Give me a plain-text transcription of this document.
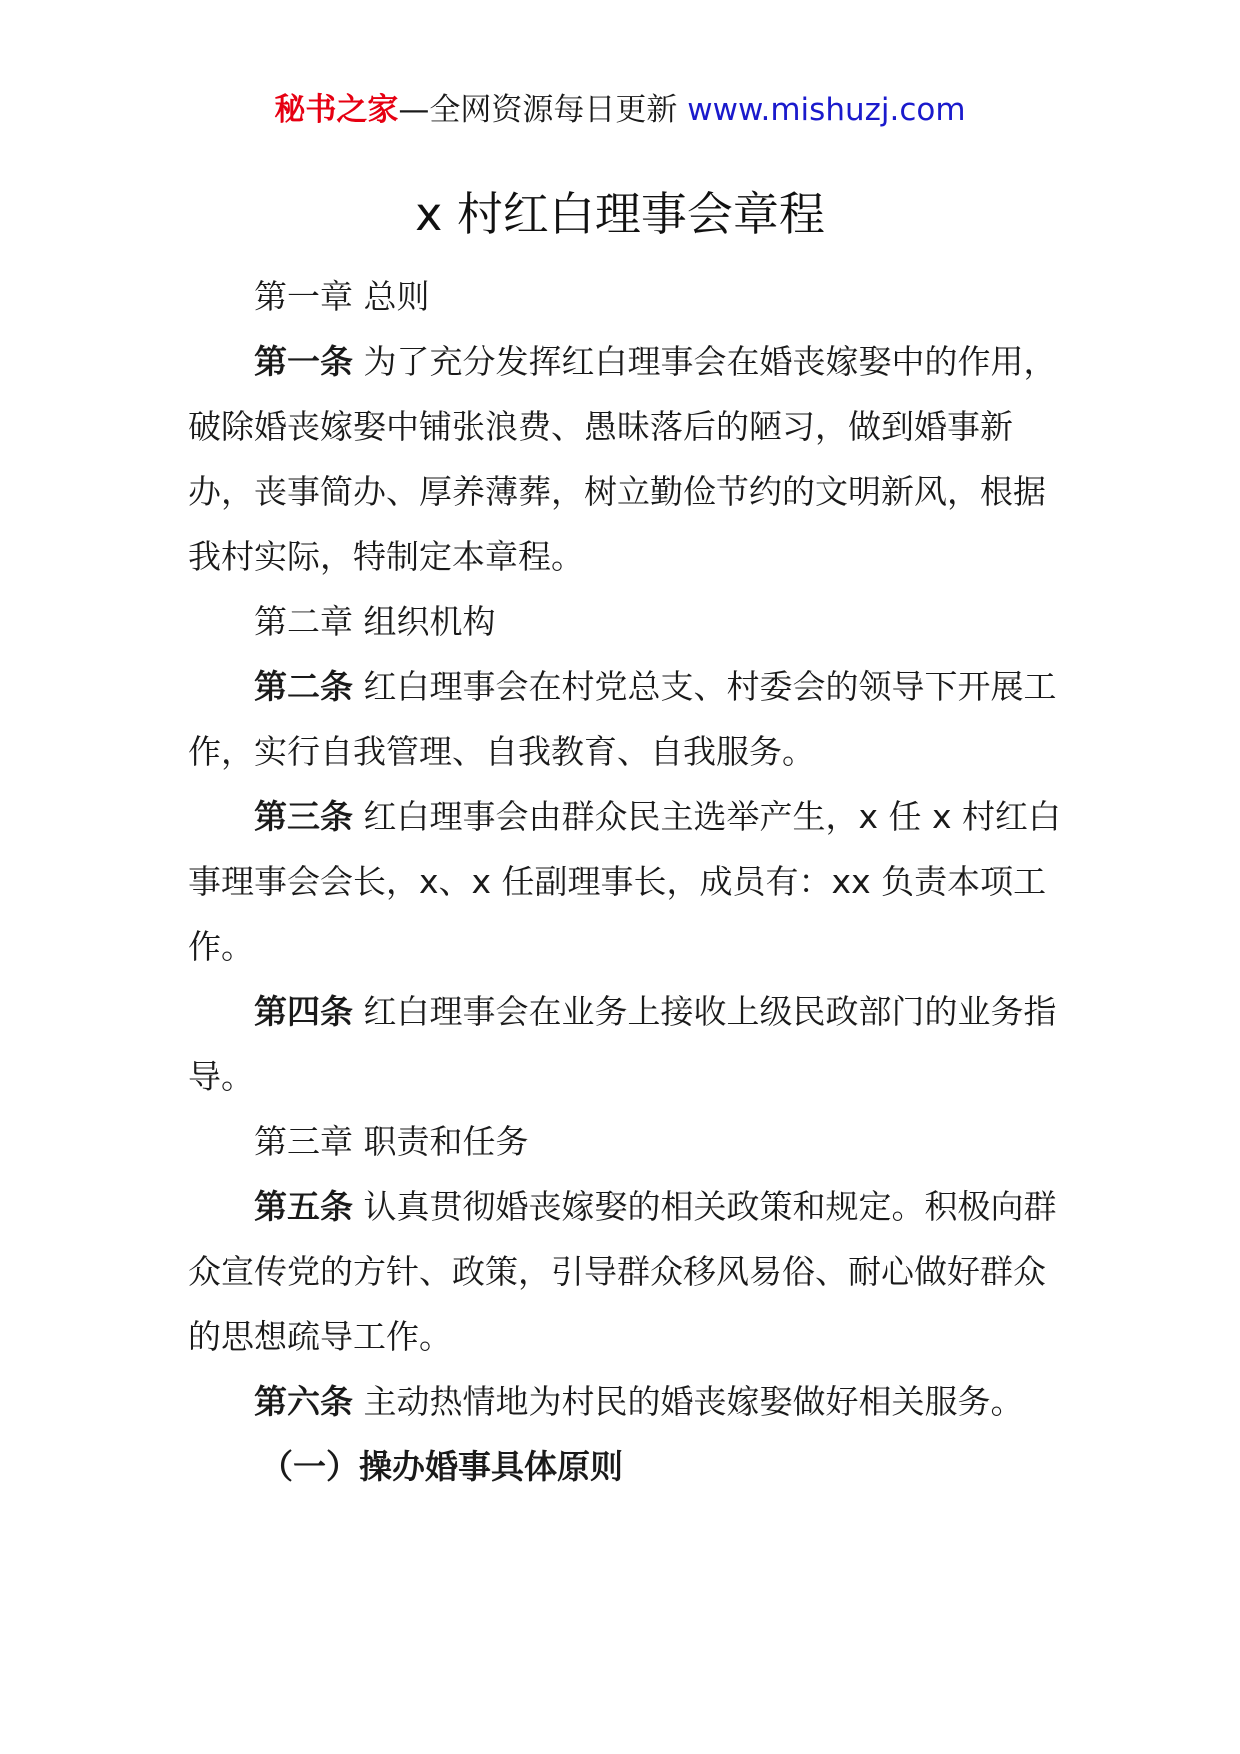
秘书之家—全网资源每日更新 www.mishuzj.com
x 村红白理事会章程

第一章 总则

第一条 为了充分发挥红白理事会在婚丧嫁娶中的作用，破除婚丧嫁娶中铺张浪费、愚昧落后的陋习，做到婚事新办，丧事简办、厚养薄葬，树立勤俭节约的文明新风，根据我村实际，特制定本章程。

第二章 组织机构

第二条 红白理事会在村党总支、村委会的领导下开展工作，实行自我管理、自我教育、自我服务。

第三条 红白理事会由群众民主选举产生，x 任 x 村红白事理事会会长，x、x 任副理事长，成员有：xx 负责本项工作。

第四条 红白理事会在业务上接收上级民政部门的业务指导。

第三章 职责和任务

第五条 认真贯彻婚丧嫁娶的相关政策和规定。积极向群众宣传党的方针、政策，引导群众移风易俗、耐心做好群众的思想疏导工作。

第六条 主动热情地为村民的婚丧嫁娶做好相关服务。

（一）操办婚事具体原则
